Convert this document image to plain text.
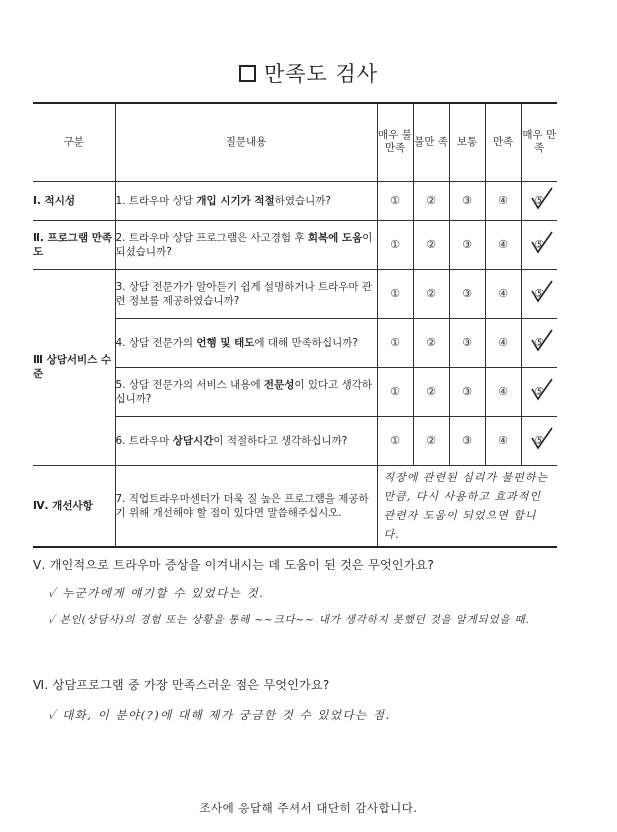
만족도 검사
구분	질문내용	매우 불만족	불만 족	보통	만족	매우 만족
I. 적시성	1. 트라우마 상담 개입 시기가 적절하였습니까?	①	②	③	④	⑤

Ⅱ. 프로그램 만족도	2. 트라우마 상담 프로그램은 사고경험 후 회복에 도움이 되셨습니까?	①	②	③	④	⑤

Ⅲ 상담서비스 수준	3. 상담 전문가가 알아듣기 쉽게 설명하거나 트라우마 관련 정보를 제공하였습니까?	①	②	③	④	⑤

	4. 상담 전문가의 언행 및 태도에 대해 만족하십니까?	①	②	③	④	⑤

	5. 상담 전문가의 서비스 내용에 전문성이 있다고 생각하십니까?	①	②	③	④	⑤

	6. 트라우마 상담시간이 적절하다고 생각하십니까?	①	②	③	④	⑤

Ⅳ. 개선사항	7. 직업트라우마센터가 더욱 질 높은 프로그램을 제공하기 위해 개선해야 할 점이 있다면 말씀해주십시오.	직장에 관련된 심리가 불편하는 만큼, 다시 사용하고 효과적인 관련자 도움이 되었으면 합니다.				
Ⅴ. 개인적으로 트라우마 증상을 이겨내시는 데 도움이 된 것은 무엇인가요?
✓ 누군가에게 얘기할 수 있었다는 것.
✓ 본인(상담사)의 경험 또는 상황을 통해 ~~크다~~ 내가 생각하지 못했던 것을 알게되었을 때.
Ⅵ. 상담프로그램 중 가장 만족스러운 점은 무엇인가요?
✓ 대화, 이 분야(?)에 대해 제가 궁금한 것 수 있었다는 점.
조사에 응답해 주셔서 대단히 감사합니다.
